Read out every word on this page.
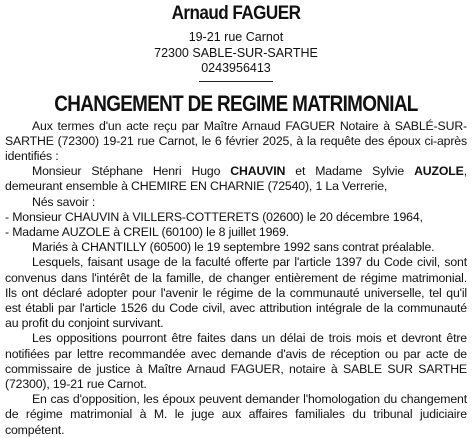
Arnaud FAGUER
19-21 rue Carnot
72300 SABLE-SUR-SARTHE
0243956413
CHANGEMENT DE REGIME MATRIMONIAL

Aux termes d'un acte reçu par Maître Arnaud FAGUER Notaire à SABLÉ-SUR-SARTHE (72300) 19-21 rue Carnot, le 6 février 2025, à la requête des époux ci-après identifiés :

Monsieur Stéphane Henri Hugo CHAUVIN et Madame Sylvie AUZOLE, demeurant ensemble à CHEMIRE EN CHARNIE (72540), 1 La Verrerie,

Nés savoir :

- Monsieur CHAUVIN à VILLERS-COTTERETS (02600) le 20 décembre 1964,

- Madame AUZOLE à CREIL (60100) le 8 juillet 1969.

Mariés à CHANTILLY (60500) le 19 septembre 1992 sans contrat préalable.

Lesquels, faisant usage de la faculté offerte par l'article 1397 du Code civil, sont convenus dans l'intérêt de la famille, de changer entièrement de régime matrimonial. Ils ont déclaré adopter pour l'avenir le régime de la communauté universelle, tel qu'il est établi par l'article 1526 du Code civil, avec attribution intégrale de la communauté au profit du conjoint survivant.

Les oppositions pourront être faites dans un délai de trois mois et devront être notifiées par lettre recommandée avec demande d'avis de réception ou par acte de commissaire de justice à Maître Arnaud FAGUER, notaire à SABLE SUR SARTHE (72300), 19-21 rue Carnot.

En cas d'opposition, les époux peuvent demander l'homologation du changement de régime matrimonial à M. le juge aux affaires familiales du tribunal judiciaire compétent.
